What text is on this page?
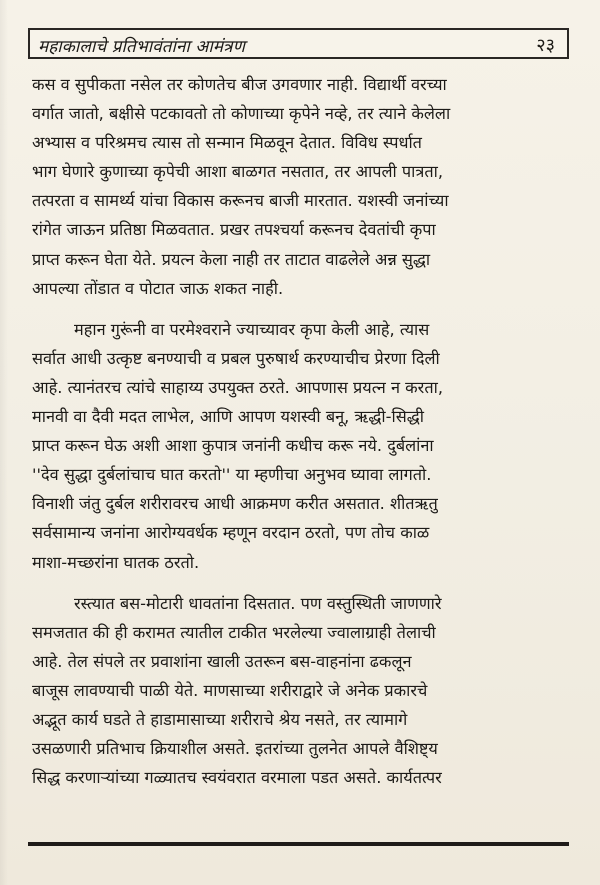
महाकालाचे प्रतिभावंतांना आमंत्रण	२३
कस व सुपीकता नसेल तर कोणतेच बीज उगवणार नाही. विद्यार्थी वरच्या
वर्गात जातो, बक्षीसे पटकावतो तो कोणाच्या कृपेने नव्हे, तर त्याने केलेला
अभ्यास व परिश्रमच त्यास तो सन्मान मिळवून देतात. विविध स्पर्धात
भाग घेणारे कुणाच्या कृपेची आशा बाळगत नसतात, तर आपली पात्रता,
तत्परता व सामर्थ्य यांचा विकास करूनच बाजी मारतात. यशस्वी जनांच्या
रांगेत जाऊन प्रतिष्ठा मिळवतात. प्रखर तपश्चर्या करूनच देवतांची कृपा
प्राप्त करून घेता येते. प्रयत्न केला नाही तर ताटात वाढलेले अन्न सुद्धा
आपल्या तोंडात व पोटात जाऊ शकत नाही.
महान गुरूंनी वा परमेश्वराने ज्याच्यावर कृपा केली आहे, त्यास
सर्वात आधी उत्कृष्ट बनण्याची व प्रबल पुरुषार्थ करण्याचीच प्रेरणा दिली
आहे. त्यानंतरच त्यांचे साहाय्य उपयुक्त ठरते. आपणास प्रयत्न न करता,
मानवी वा दैवी मदत लाभेल, आणि आपण यशस्वी बनू, ऋद्धी-सिद्धी
प्राप्त करून घेऊ अशी आशा कुपात्र जनांनी कधीच करू नये. दुर्बलांना
''देव सुद्धा दुर्बलांचाच घात करतो'' या म्हणीचा अनुभव घ्यावा लागतो.
विनाशी जंतु दुर्बल शरीरावरच आधी आक्रमण करीत असतात. शीतऋतु
सर्वसामान्य जनांना आरोग्यवर्धक म्हणून वरदान ठरतो, पण तोच काळ
माशा-मच्छरांना घातक ठरतो.
रस्त्यात बस-मोटारी धावतांना दिसतात. पण वस्तुस्थिती जाणणारे
समजतात की ही करामत त्यातील टाकीत भरलेल्या ज्वालाग्राही तेलाची
आहे. तेल संपले तर प्रवाशांना खाली उतरून बस-वाहनांना ढकलून
बाजूस लावण्याची पाळी येते. माणसाच्या शरीराद्वारे जे अनेक प्रकारचे
अद्भूत कार्य घडते ते हाडामासाच्या शरीराचे श्रेय नसते, तर त्यामागे
उसळणारी प्रतिभाच क्रियाशील असते. इतरांच्या तुलनेत आपले वैशिष्ट्य
सिद्ध करणाऱ्यांच्या गळ्यातच स्वयंवरात वरमाला पडत असते. कार्यतत्पर
